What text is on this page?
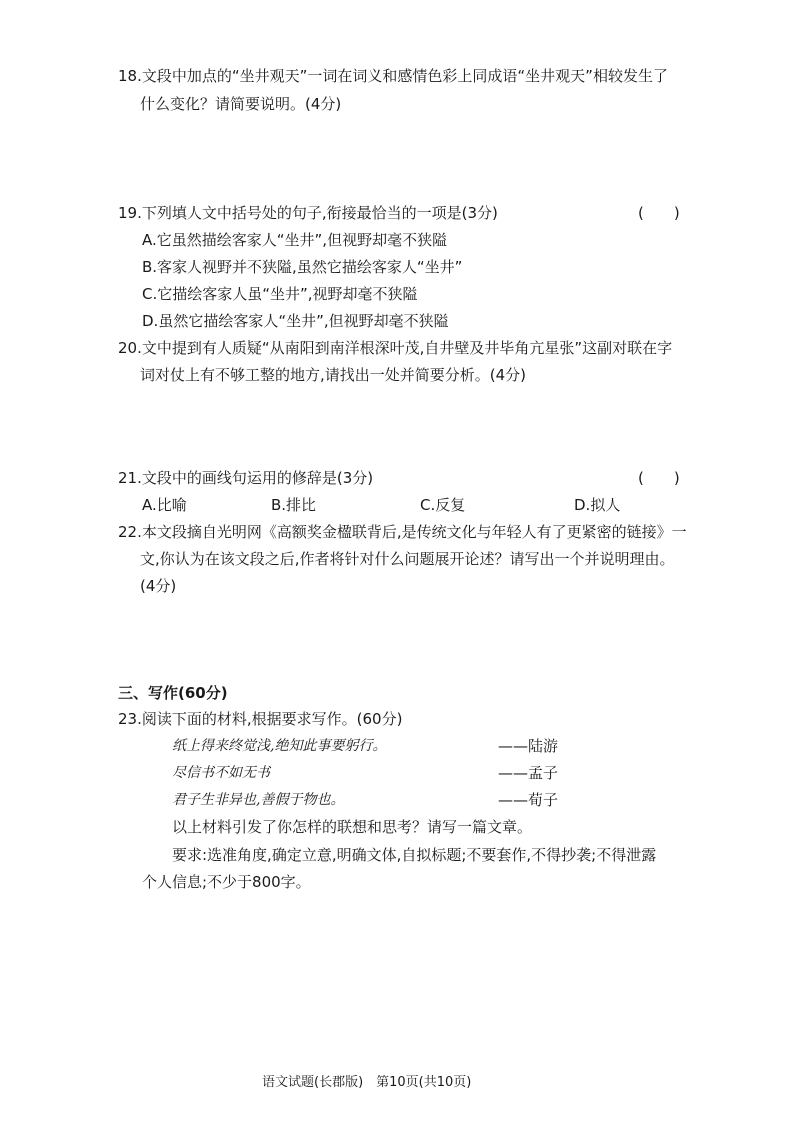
18.文段中加点的“坐井观天”一词在词义和感情色彩上同成语“坐井观天”相较发生了
什么变化？请简要说明。(4分)
19.下列填人文中括号处的句子,衔接最恰当的一项是(3分)	(　　)
A.它虽然描绘客家人“坐井”,但视野却毫不狭隘
B.客家人视野并不狭隘,虽然它描绘客家人“坐井”
C.它描绘客家人虽“坐井”,视野却毫不狭隘
D.虽然它描绘客家人“坐井”,但视野却毫不狭隘
20.文中提到有人质疑“从南阳到南洋根深叶茂,自井壁及井毕角亢星张”这副对联在字
词对仗上有不够工整的地方,请找出一处并简要分析。(4分)
21.文段中的画线句运用的修辞是(3分)	(　　)
A.比喻	B.排比	C.反复	D.拟人
22.本文段摘自光明网《高额奖金楹联背后,是传统文化与年轻人有了更紧密的链接》一
文,你认为在该文段之后,作者将针对什么问题展开论述？请写出一个并说明理由。
(4分)
三、写作(60分)
23.阅读下面的材料,根据要求写作。(60分)
纸上得来终觉浅,绝知此事要躬行。	——陆游
尽信书不如无书	——孟子
君子生非异也,善假于物也。	——荀子
以上材料引发了你怎样的联想和思考？请写一篇文章。
要求:选准角度,确定立意,明确文体,自拟标题;不要套作,不得抄袭;不得泄露
个人信息;不少于800字。
语文试题(长郡版)　第10页(共10页)
